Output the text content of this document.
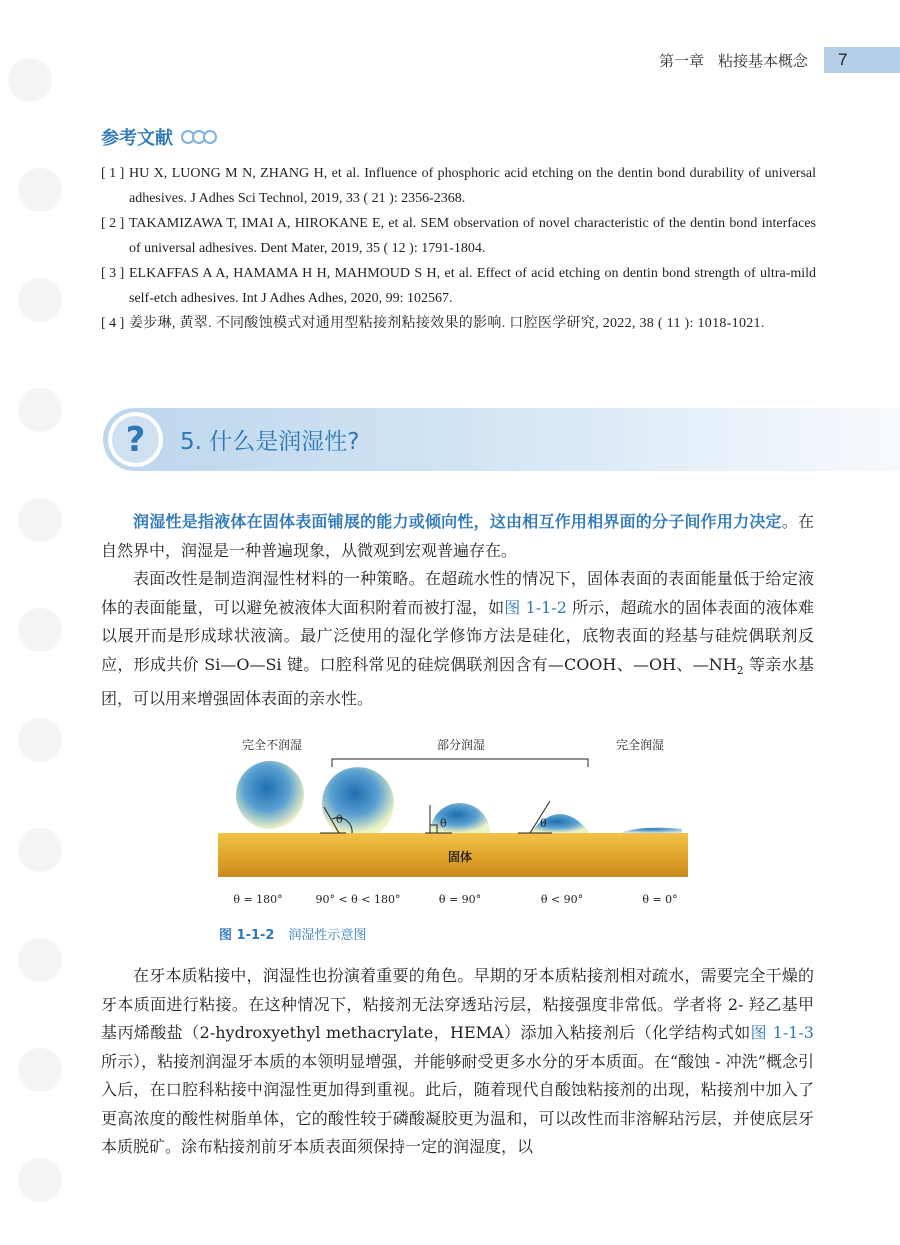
第一章 粘接基本概念	7
参考文献
[ 1 ] HU X, LUONG M N, ZHANG H, et al. Influence of phosphoric acid etching on the dentin bond durability of universal adhesives. J Adhes Sci Technol, 2019, 33 ( 21 ): 2356-2368.
[ 2 ] TAKAMIZAWA T, IMAI A, HIROKANE E, et al. SEM observation of novel characteristic of the dentin bond interfaces of universal adhesives. Dent Mater, 2019, 35 ( 12 ): 1791-1804.
[ 3 ] ELKAFFAS A A, HAMAMA H H, MAHMOUD S H, et al. Effect of acid etching on dentin bond strength of ultra-mild self-etch adhesives. Int J Adhes Adhes, 2020, 99: 102567.
[ 4 ] 姜步琳, 黄翠. 不同酸蚀模式对通用型粘接剂粘接效果的影响. 口腔医学研究, 2022, 38 ( 11 ): 1018-1021.
?	5. 什么是润湿性?

润湿性是指液体在固体表面铺展的能力或倾向性，这由相互作用相界面的分子间作用力决定。在自然界中，润湿是一种普遍现象，从微观到宏观普遍存在。

表面改性是制造润湿性材料的一种策略。在超疏水性的情况下，固体表面的表面能量低于给定液体的表面能量，可以避免被液体大面积附着而被打湿，如图 1-1-2 所示，超疏水的固体表面的液体难以展开而是形成球状液滴。最广泛使用的湿化学修饰方法是硅化，底物表面的羟基与硅烷偶联剂反应，形成共价 Si—O—Si 键。口腔科常见的硅烷偶联剂因含有—COOH、—OH、$—NH_2$ 等亲水基团，可以用来增强固体表面的亲水性。

完全不润湿	部分润湿	完全润湿
固体
θ	θ	θ
θ = 180°	90° < θ < 180°	θ = 90°	θ < 90°	θ = 0°
图 1-1-2 润湿性示意图

在牙本质粘接中，润湿性也扮演着重要的角色。早期的牙本质粘接剂相对疏水，需要完全干燥的牙本质面进行粘接。在这种情况下，粘接剂无法穿透玷污层，粘接强度非常低。学者将 2- 羟乙基甲基丙烯酸盐（2-hydroxyethyl methacrylate，HEMA）添加入粘接剂后（化学结构式如图 1-1-3 所示），粘接剂润湿牙本质的本领明显增强，并能够耐受更多水分的牙本质面。在“酸蚀 - 冲洗”概念引入后，在口腔科粘接中润湿性更加得到重视。此后，随着现代自酸蚀粘接剂的出现，粘接剂中加入了更高浓度的酸性树脂单体，它的酸性较于磷酸凝胶更为温和，可以改性而非溶解玷污层，并使底层牙本质脱矿。涂布粘接剂前牙本质表面须保持一定的润湿度，以
